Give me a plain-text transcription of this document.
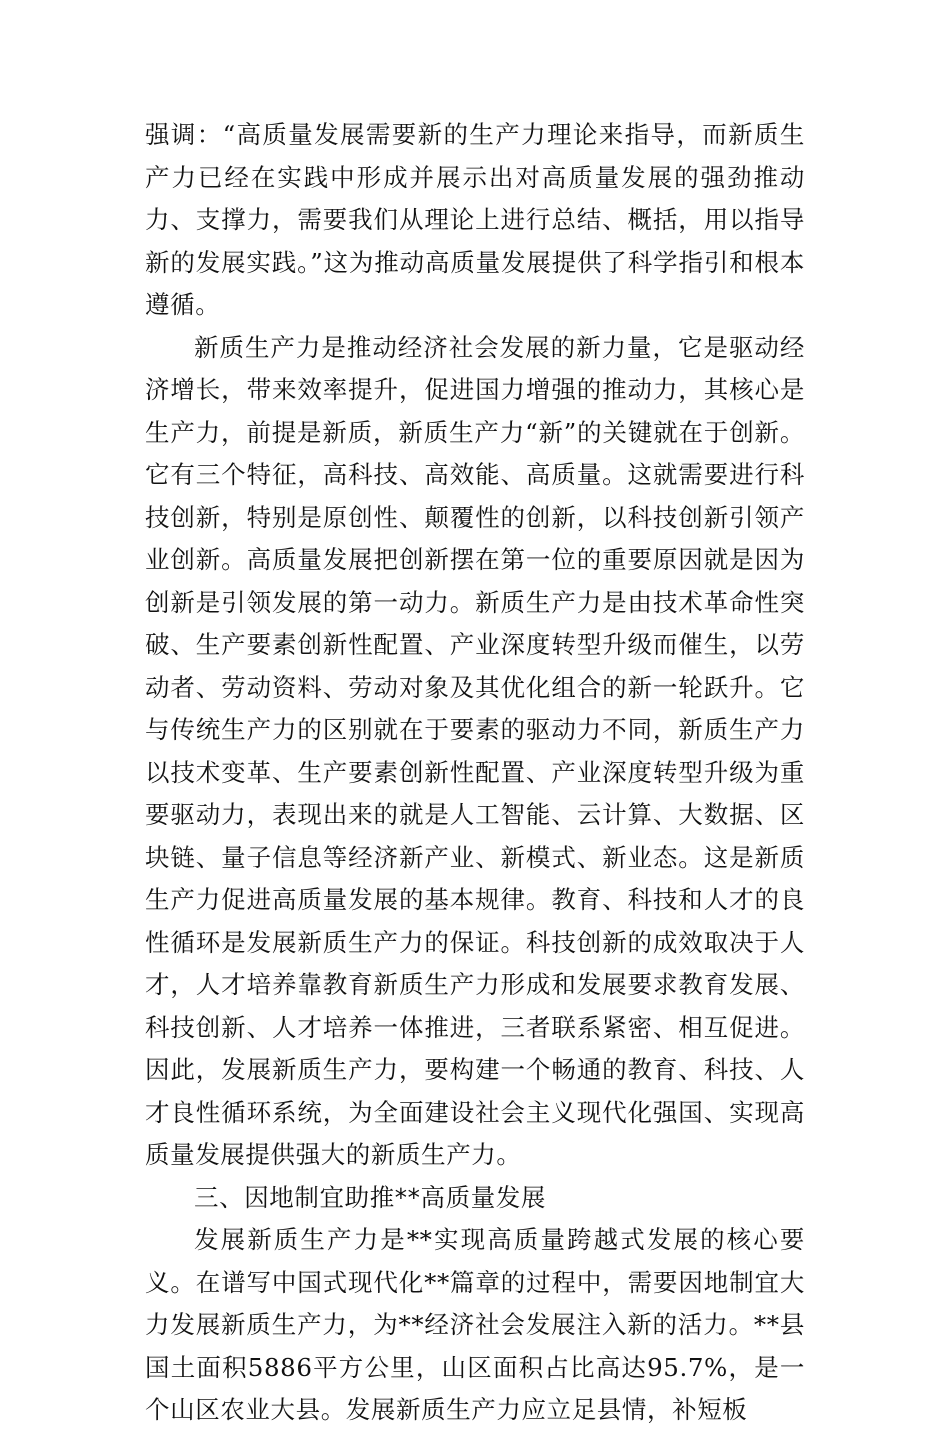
强调：“高质量发展需要新的生产力理论来指导，而新质生产力已经在实践中形成并展示出对高质量发展的强劲推动力、支撑力，需要我们从理论上进行总结、概括，用以指导新的发展实践。”这为推动高质量发展提供了科学指引和根本遵循。

新质生产力是推动经济社会发展的新力量，它是驱动经济增长，带来效率提升，促进国力增强的推动力，其核心是生产力，前提是新质，新质生产力“新”的关键就在于创新。它有三个特征，高科技、高效能、高质量。这就需要进行科技创新，特别是原创性、颠覆性的创新，以科技创新引领产业创新。高质量发展把创新摆在第一位的重要原因就是因为创新是引领发展的第一动力。新质生产力是由技术革命性突破、生产要素创新性配置、产业深度转型升级而催生，以劳动者、劳动资料、劳动对象及其优化组合的新一轮跃升。它与传统生产力的区别就在于要素的驱动力不同，新质生产力以技术变革、生产要素创新性配置、产业深度转型升级为重要驱动力，表现出来的就是人工智能、云计算、大数据、区块链、量子信息等经济新产业、新模式、新业态。这是新质生产力促进高质量发展的基本规律。教育、科技和人才的良性循环是发展新质生产力的保证。科技创新的成效取决于人才，人才培养靠教育新质生产力形成和发展要求教育发展、科技创新、人才培养一体推进，三者联系紧密、相互促进。因此，发展新质生产力，要构建一个畅通的教育、科技、人才良性循环系统，为全面建设社会主义现代化强国、实现高质量发展提供强大的新质生产力。

三、因地制宜助推**高质量发展

发展新质生产力是**实现高质量跨越式发展的核心要义。在谱写中国式现代化**篇章的过程中，需要因地制宜大力发展新质生产力，为**经济社会发展注入新的活力。**县国土面积5886平方公里，山区面积占比高达95.7%，是一个山区农业大县。发展新质生产力应立足县情，补短板
